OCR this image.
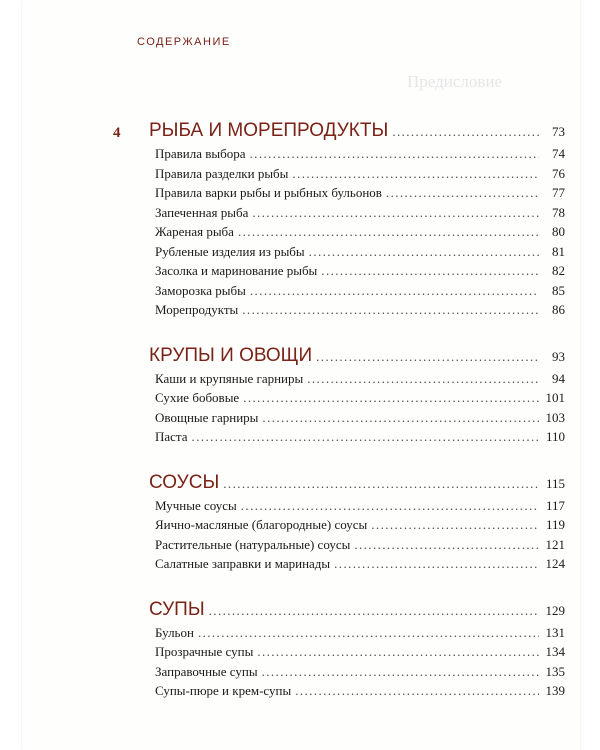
СОДЕРЖАНИЕ
Предисловие
4 РЫБА И МОРЕПРОДУКТЫ .....	73
Правила выбора .....	74
Правила разделки рыбы .....	76
Правила варки рыбы и рыбных бульонов .....	77
Запеченная рыба .....	78
Жареная рыба .....	80
Рубленые изделия из рыбы .....	81
Засолка и маринование рыбы .....	82
Заморозка рыбы .....	85
Морепродукты .....	86
КРУПЫ И ОВОЩИ .....	93
Каши и крупяные гарниры .....	94
Сухие бобовые .....	101
Овощные гарниры .....	103
Паста .....	110
СОУСЫ .....	115
Мучные соусы .....	117
Яично-масляные (благородные) соусы .....	119
Растительные (натуральные) соусы .....	121
Салатные заправки и маринады .....	124
СУПЫ .....	129
Бульон .....	131
Прозрачные супы .....	134
Заправочные супы .....	135
Супы-пюре и крем-супы .....	139
